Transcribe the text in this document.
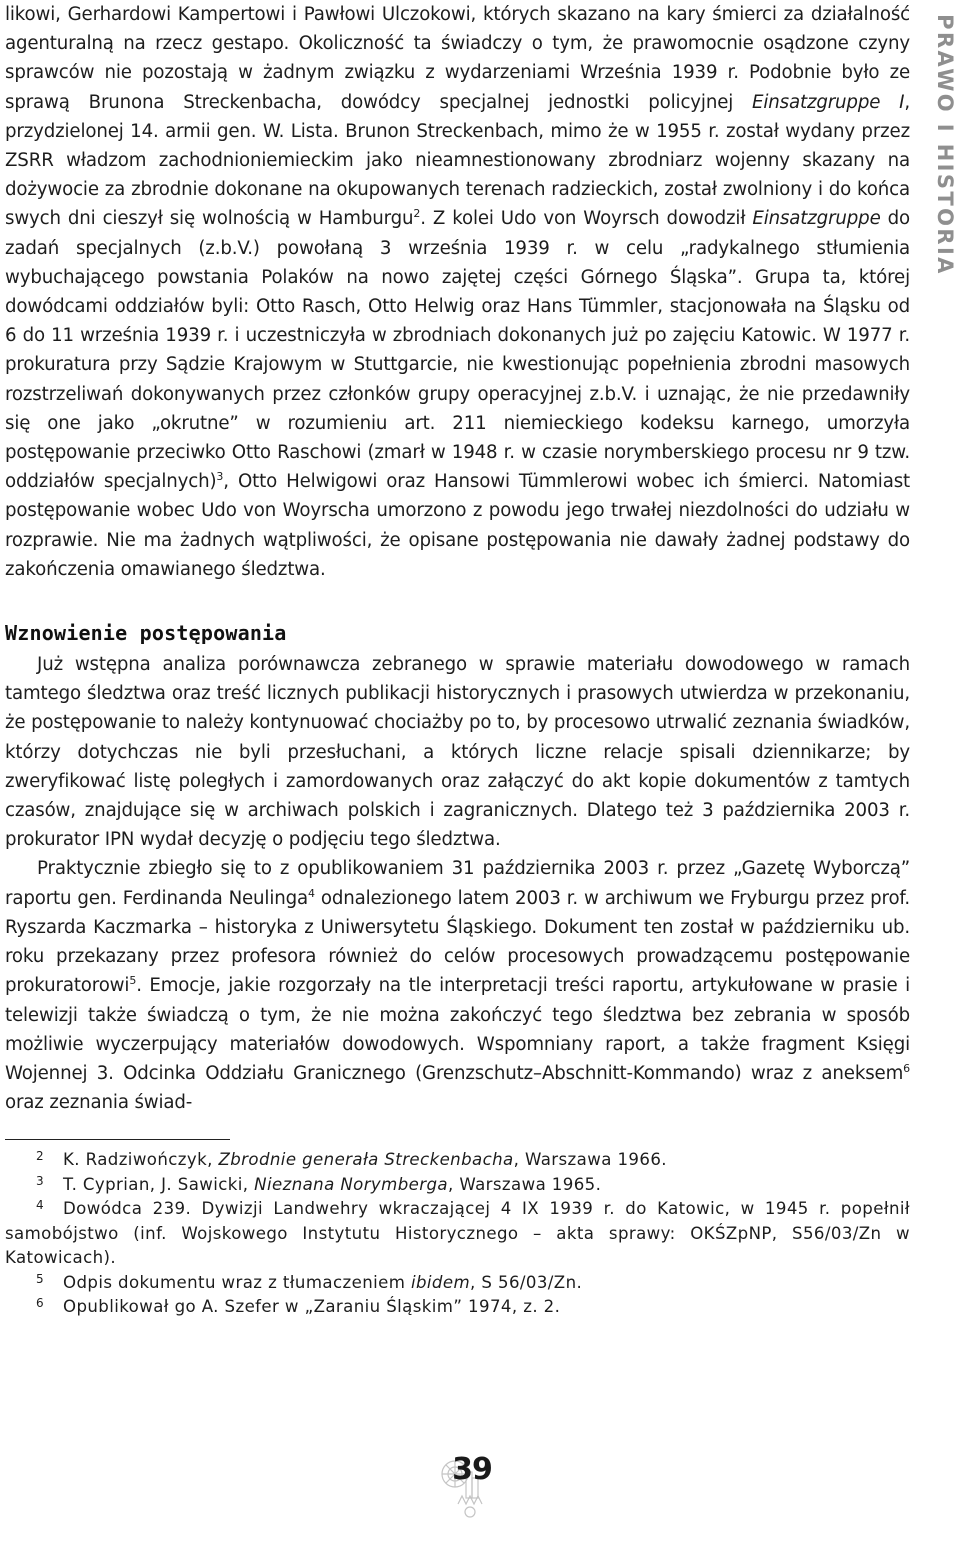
PRAWO I HISTORIA

likowi, Gerhardowi Kampertowi i Pawłowi Ulczokowi, których skazano na kary śmierci za działalność agenturalną na rzecz gestapo. Okoliczność ta świadczy o tym, że prawomocnie osądzone czyny sprawców nie pozostają w żadnym związku z wydarzeniami Września 1939 r. Podobnie było ze sprawą Brunona Streckenbacha, dowódcy specjalnej jednostki policyjnej Einsatzgruppe I, przydzielonej 14. armii gen. W. Lista. Brunon Streckenbach, mimo że w 1955 r. został wydany przez ZSRR władzom zachodnioniemieckim jako nieamnestionowany zbrodniarz wojenny skazany na dożywocie za zbrodnie dokonane na okupowanych terenach radzieckich, został zwolniony i do końca swych dni cieszył się wolnością w Hamburgu$^2$. Z kolei Udo von Woyrsch dowodził Einsatzgruppe do zadań specjalnych (z.b.V.) powołaną 3 września 1939 r. w celu „radykalnego stłumienia wybuchającego powstania Polaków na nowo zajętej części Górnego Śląska”. Grupa ta, której dowódcami oddziałów byli: Otto Rasch, Otto Helwig oraz Hans Tümmler, stacjonowała na Śląsku od 6 do 11 września 1939 r. i uczestniczyła w zbrodniach dokonanych już po zajęciu Katowic. W 1977 r. prokuratura przy Sądzie Krajowym w Stuttgarcie, nie kwestionując popełnienia zbrodni masowych rozstrzeliwań dokonywanych przez członków grupy operacyjnej z.b.V. i uznając, że nie przedawniły się one jako „okrutne” w rozumieniu art. 211 niemieckiego kodeksu karnego, umorzyła postępowanie przeciwko Otto Raschowi (zmarł w 1948 r. w czasie norymberskiego procesu nr 9 tzw. oddziałów specjalnych)$^3$, Otto Helwigowi oraz Hansowi Tümmlerowi wobec ich śmierci. Natomiast postępowanie wobec Udo von Woyrscha umorzono z powodu jego trwałej niezdolności do udziału w rozprawie. Nie ma żadnych wątpliwości, że opisane postępowania nie dawały żadnej podstawy do zakończenia omawianego śledztwa.

Wznowienie postępowania

Już wstępna analiza porównawcza zebranego w sprawie materiału dowodowego w ramach tamtego śledztwa oraz treść licznych publikacji historycznych i prasowych utwierdza w przekonaniu, że postępowanie to należy kontynuować chociażby po to, by procesowo utrwalić zeznania świadków, którzy dotychczas nie byli przesłuchani, a których liczne relacje spisali dziennikarze; by zweryfikować listę poległych i zamordowanych oraz załączyć do akt kopie dokumentów z tamtych czasów, znajdujące się w archiwach polskich i zagranicznych. Dlatego też 3 października 2003 r. prokurator IPN wydał decyzję o podjęciu tego śledztwa.

Praktycznie zbiegło się to z opublikowaniem 31 października 2003 r. przez „Gazetę Wyborczą” raportu gen. Ferdinanda Neulinga$^4$ odnalezionego latem 2003 r. w archiwum we Fryburgu przez prof. Ryszarda Kaczmarka – historyka z Uniwersytetu Śląskiego. Dokument ten został w październiku ub. roku przekazany przez profesora również do celów procesowych prowadzącemu postępowanie prokuratorowi$^5$. Emocje, jakie rozgorzały na tle interpretacji treści raportu, artykułowane w prasie i telewizji także świadczą o tym, że nie można zakończyć tego śledztwa bez zebrania w sposób możliwie wyczerpujący materiałów dowodowych. Wspomniany raport, a także fragment Księgi Wojennej 3. Odcinka Oddziału Granicznego (Grenzschutz–Abschnitt-Kommando) wraz z aneksem$^6$ oraz zeznania świad-

2 K. Radziwończyk, Zbrodnie generała Streckenbacha, Warszawa 1966.

3 T. Cyprian, J. Sawicki, Nieznana Norymberga, Warszawa 1965.

4 Dowódca 239. Dywizji Landwehry wkraczającej 4 IX 1939 r. do Katowic, w 1945 r. popełnił samobójstwo (inf. Wojskowego Instytutu Historycznego – akta sprawy: OKŚZpNP, S56/03/Zn w Katowicach).

5 Odpis dokumentu wraz z tłumaczeniem ibidem, S 56/03/Zn.

6 Opublikował go A. Szefer w „Zaraniu Śląskim” 1974, z. 2.

39
